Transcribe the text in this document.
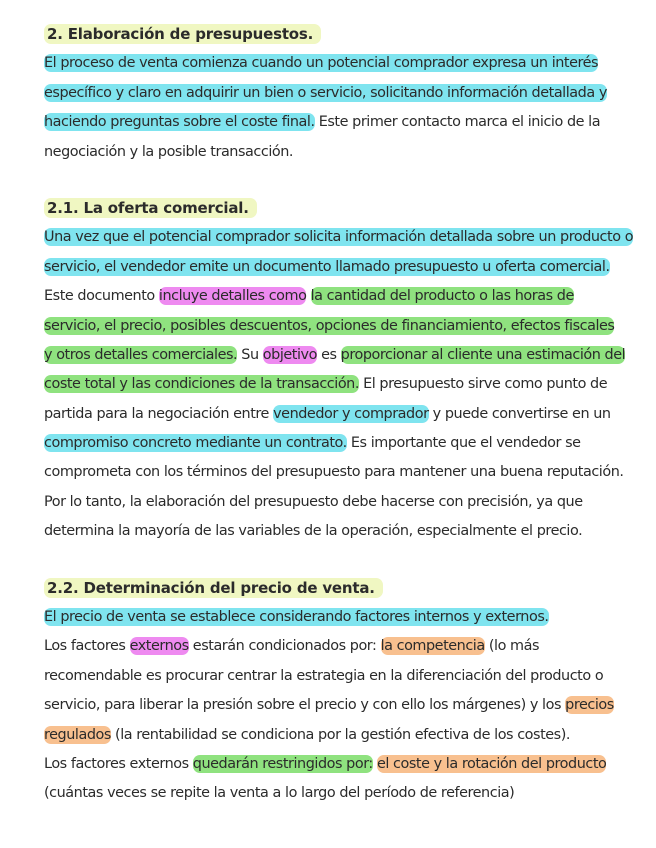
2. Elaboración de presupuestos.
El proceso de venta comienza cuando un potencial comprador expresa un interés
específico y claro en adquirir un bien o servicio, solicitando información detallada y
haciendo preguntas sobre el coste final. Este primer contacto marca el inicio de la
negociación y la posible transacción.
2.1. La oferta comercial.
Una vez que el potencial comprador solicita información detallada sobre un producto o
servicio, el vendedor emite un documento llamado presupuesto u oferta comercial.
Este documento incluye detalles como la cantidad del producto o las horas de
servicio, el precio, posibles descuentos, opciones de financiamiento, efectos fiscales
y otros detalles comerciales. Su objetivo es proporcionar al cliente una estimación del
coste total y las condiciones de la transacción. El presupuesto sirve como punto de
partida para la negociación entre vendedor y comprador y puede convertirse en un
compromiso concreto mediante un contrato. Es importante que el vendedor se
comprometa con los términos del presupuesto para mantener una buena reputación.
Por lo tanto, la elaboración del presupuesto debe hacerse con precisión, ya que
determina la mayoría de las variables de la operación, especialmente el precio.
2.2. Determinación del precio de venta.
El precio de venta se establece considerando factores internos y externos.
Los factores externos estarán condicionados por: la competencia (lo más
recomendable es procurar centrar la estrategia en la diferenciación del producto o
servicio, para liberar la presión sobre el precio y con ello los márgenes) y los precios
regulados (la rentabilidad se condiciona por la gestión efectiva de los costes).
Los factores externos quedarán restringidos por: el coste y la rotación del producto
(cuántas veces se repite la venta a lo largo del período de referencia)
